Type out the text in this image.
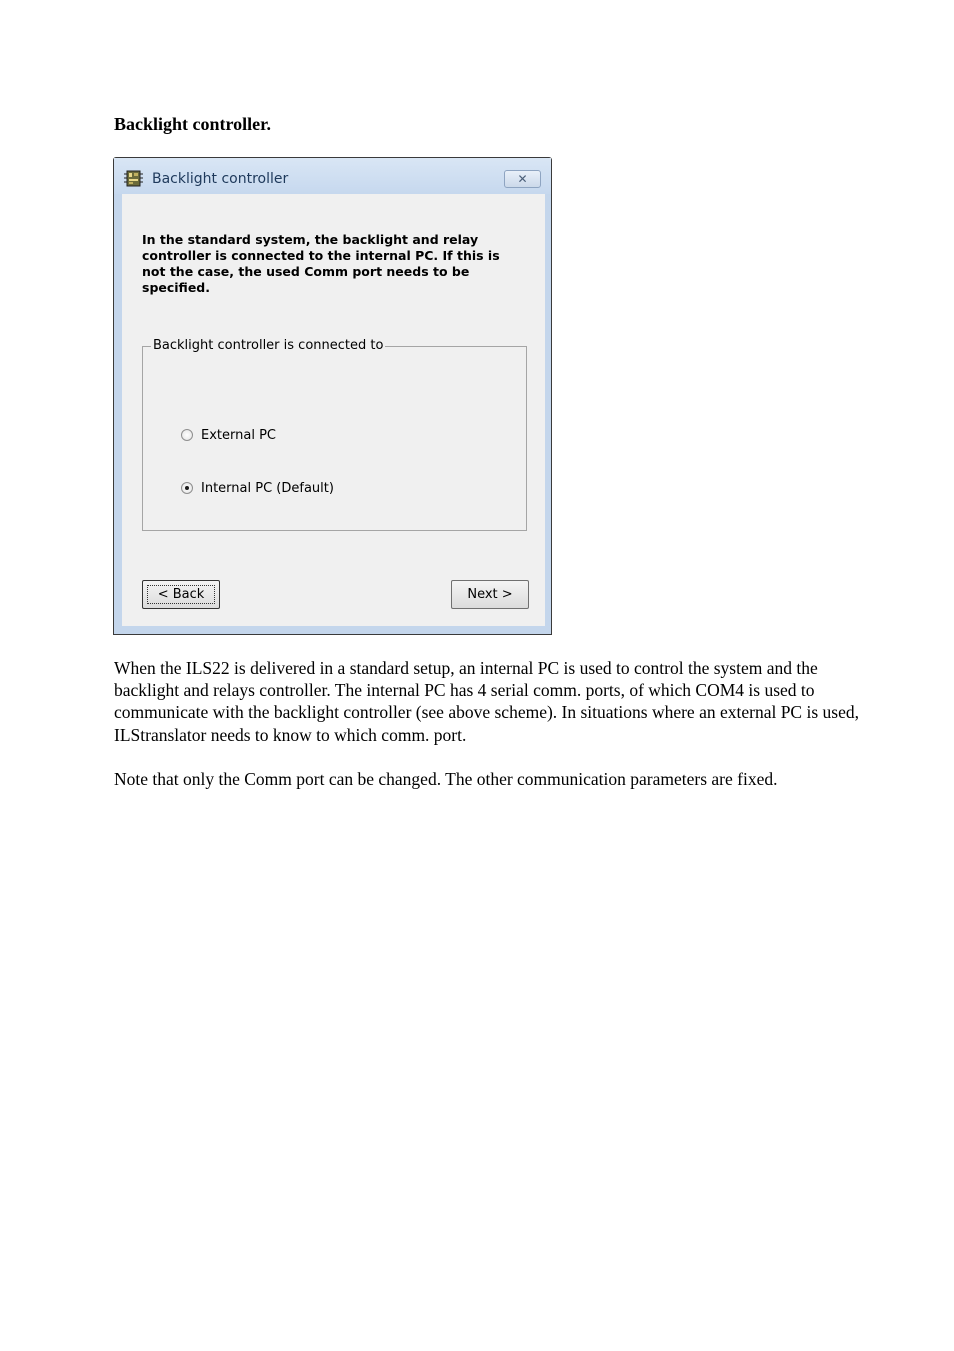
Backlight controller.
Backlight controller	✕
In the standard system, the backlight and relay controller is connected to the internal PC. If this is not the case, the used Comm port needs to be specified.
Backlight controller is connected to
External PC
Internal PC (Default)
< Back	Next >
When the ILS22 is delivered in a standard setup, an internal PC is used to control the system and the backlight and relays controller. The internal PC has 4 serial comm. ports, of which COM4 is used to communicate with the backlight controller (see above scheme). In situations where an external PC is used, ILStranslator needs to know to which comm. port.
Note that only the Comm port can be changed. The other communication parameters are fixed.
